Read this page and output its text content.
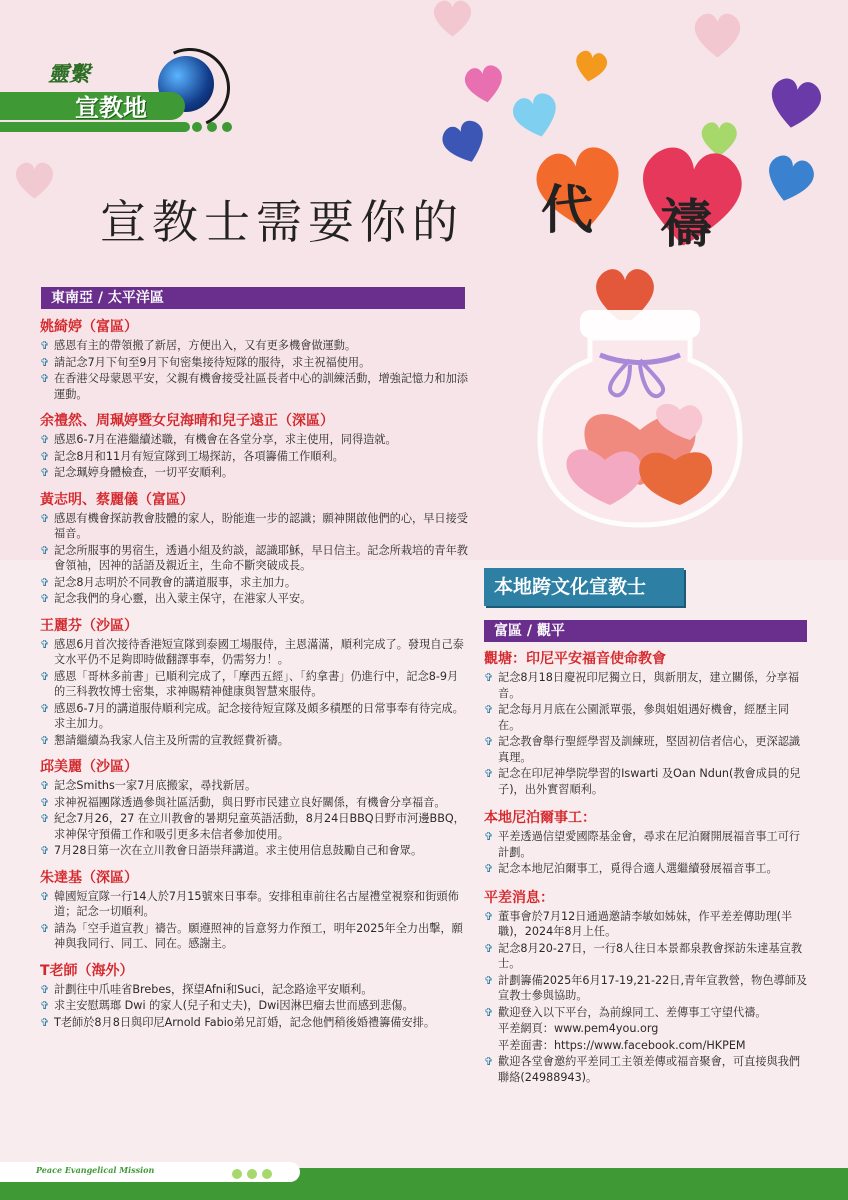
靈繫
宣教地
宣教士需要你的 代 禱
東南亞 / 太平洋區
姚綺婷（富區）
✞ 感恩有主的帶領搬了新居，方便出入，又有更多機會做運動。
✞ 請記念7月下旬至9月下旬密集接待短隊的服待，求主祝福使用。
✞ 在香港父母蒙恩平安，父親有機會接受社區長者中心的訓練活動，增強記憶力和加添運動。
余禮然、周珮婷暨女兒海晴和兒子遠正（深區）
✞ 感恩6-7月在港繼續述職，有機會在各堂分享，求主使用，同得造就。
✞ 記念8月和11月有短宣隊到工場探訪，各項籌備工作順利。
✞ 記念珮婷身體檢查，一切平安順利。
黃志明、蔡麗儀（富區）
✞ 感恩有機會探訪教會肢體的家人，盼能進一步的認識；願神開啟他們的心，早日接受福音。
✞ 記念所服事的男宿生，透過小組及約談，認識耶穌，早日信主。記念所栽培的青年教會領袖，因神的話語及親近主，生命不斷突破成長。
✞ 記念8月志明於不同教會的講道服事，求主加力。
✞ 記念我們的身心靈，出入蒙主保守，在港家人平安。
王麗芬（沙區）
✞ 感恩6月首次接待香港短宣隊到泰國工場服侍，主恩滿滿，順利完成了。發現自己泰文水平仍不足夠即時做翻譯事奉，仍需努力！。
✞ 感恩「哥林多前書」已順利完成了，「摩西五經」、「約拿書」仍進行中，記念8-9月的三科教牧博士密集，求神賜精神健康與智慧來服侍。
✞ 感恩6-7月的講道服侍順利完成。記念接待短宣隊及頗多積壓的日常事奉有待完成。求主加力。
✞ 懇請繼續為我家人信主及所需的宣教經費祈禱。
邱美麗（沙區）
✞ 記念Smiths一家7月底搬家，尋找新居。
✞ 求神祝福團隊透過參與社區活動，與日野市民建立良好關係，有機會分享福音。
✞ 紀念7月26，27 在立川教會的暑期兒童英語活動，8月24日BBQ日野市河邊BBQ，求神保守預備工作和吸引更多未信者參加使用。
✞ 7月28日第一次在立川教會日語崇拜講道。求主使用信息鼓勵自己和會眾。
朱達基（深區）
✞ 韓國短宣隊一行14人於7月15號來日事奉。安排租車前往名古屋禮堂視察和街頭佈道；記念一切順利。
✞ 請為「空手道宣教」禱告。願遵照神的旨意努力作預工，明年2025年全力出擊，願神與我同行、同工、同在。感謝主。
T老師（海外）
✞ 計劃往中爪哇省Brebes，探望Afni和Suci，記念路途平安順利。
✞ 求主安慰瑪瑯 Dwi 的家人(兒子和丈夫)，Dwi因淋巴瘤去世而感到悲傷。
✞ T老師於8月8日與印尼Arnold Fabio弟兄訂婚，記念他們稍後婚禮籌備安排。
本地跨文化宣教士
富區 / 觀平
觀塘：印尼平安福音使命教會
✞ 記念8月18日慶祝印尼獨立日，與新朋友，建立關係，分享福音。
✞ 記念每月月底在公園派單張，參與姐姐遇好機會，經歷主同在。
✞ 記念教會舉行聖經學習及訓練班，堅固初信者信心，更深認識真理。
✞ 記念在印尼神學院學習的Iswarti 及Oan Ndun(教會成員的兒子)，出外實習順利。
本地尼泊爾事工：
✞ 平差透過信望愛國際基金會，尋求在尼泊爾開展福音事工可行計劃。
✞ 記念本地尼泊爾事工，覓得合適人選繼續發展福音事工。
平差消息：
✞ 董事會於7月12日通過邀請李敏如姊妹，作平差差傳助理(半職)，2024年8月上任。
✞ 記念8月20-27日，一行8人往日本景都泉教會探訪朱達基宣教士。
✞ 計劃籌備2025年6月17-19,21-22日,青年宣教營，物色導師及宣教士參與協助。
✞ 歡迎登入以下平台，為前線同工、差傳事工守望代禱。
平差網頁：www.pem4you.org
平差面書：https://www.facebook.com/HKPEM
✞ 歡迎各堂會邀約平差同工主領差傳或福音聚會，可直接與我們聯絡(24988943)。
Peace Evangelical Mission
